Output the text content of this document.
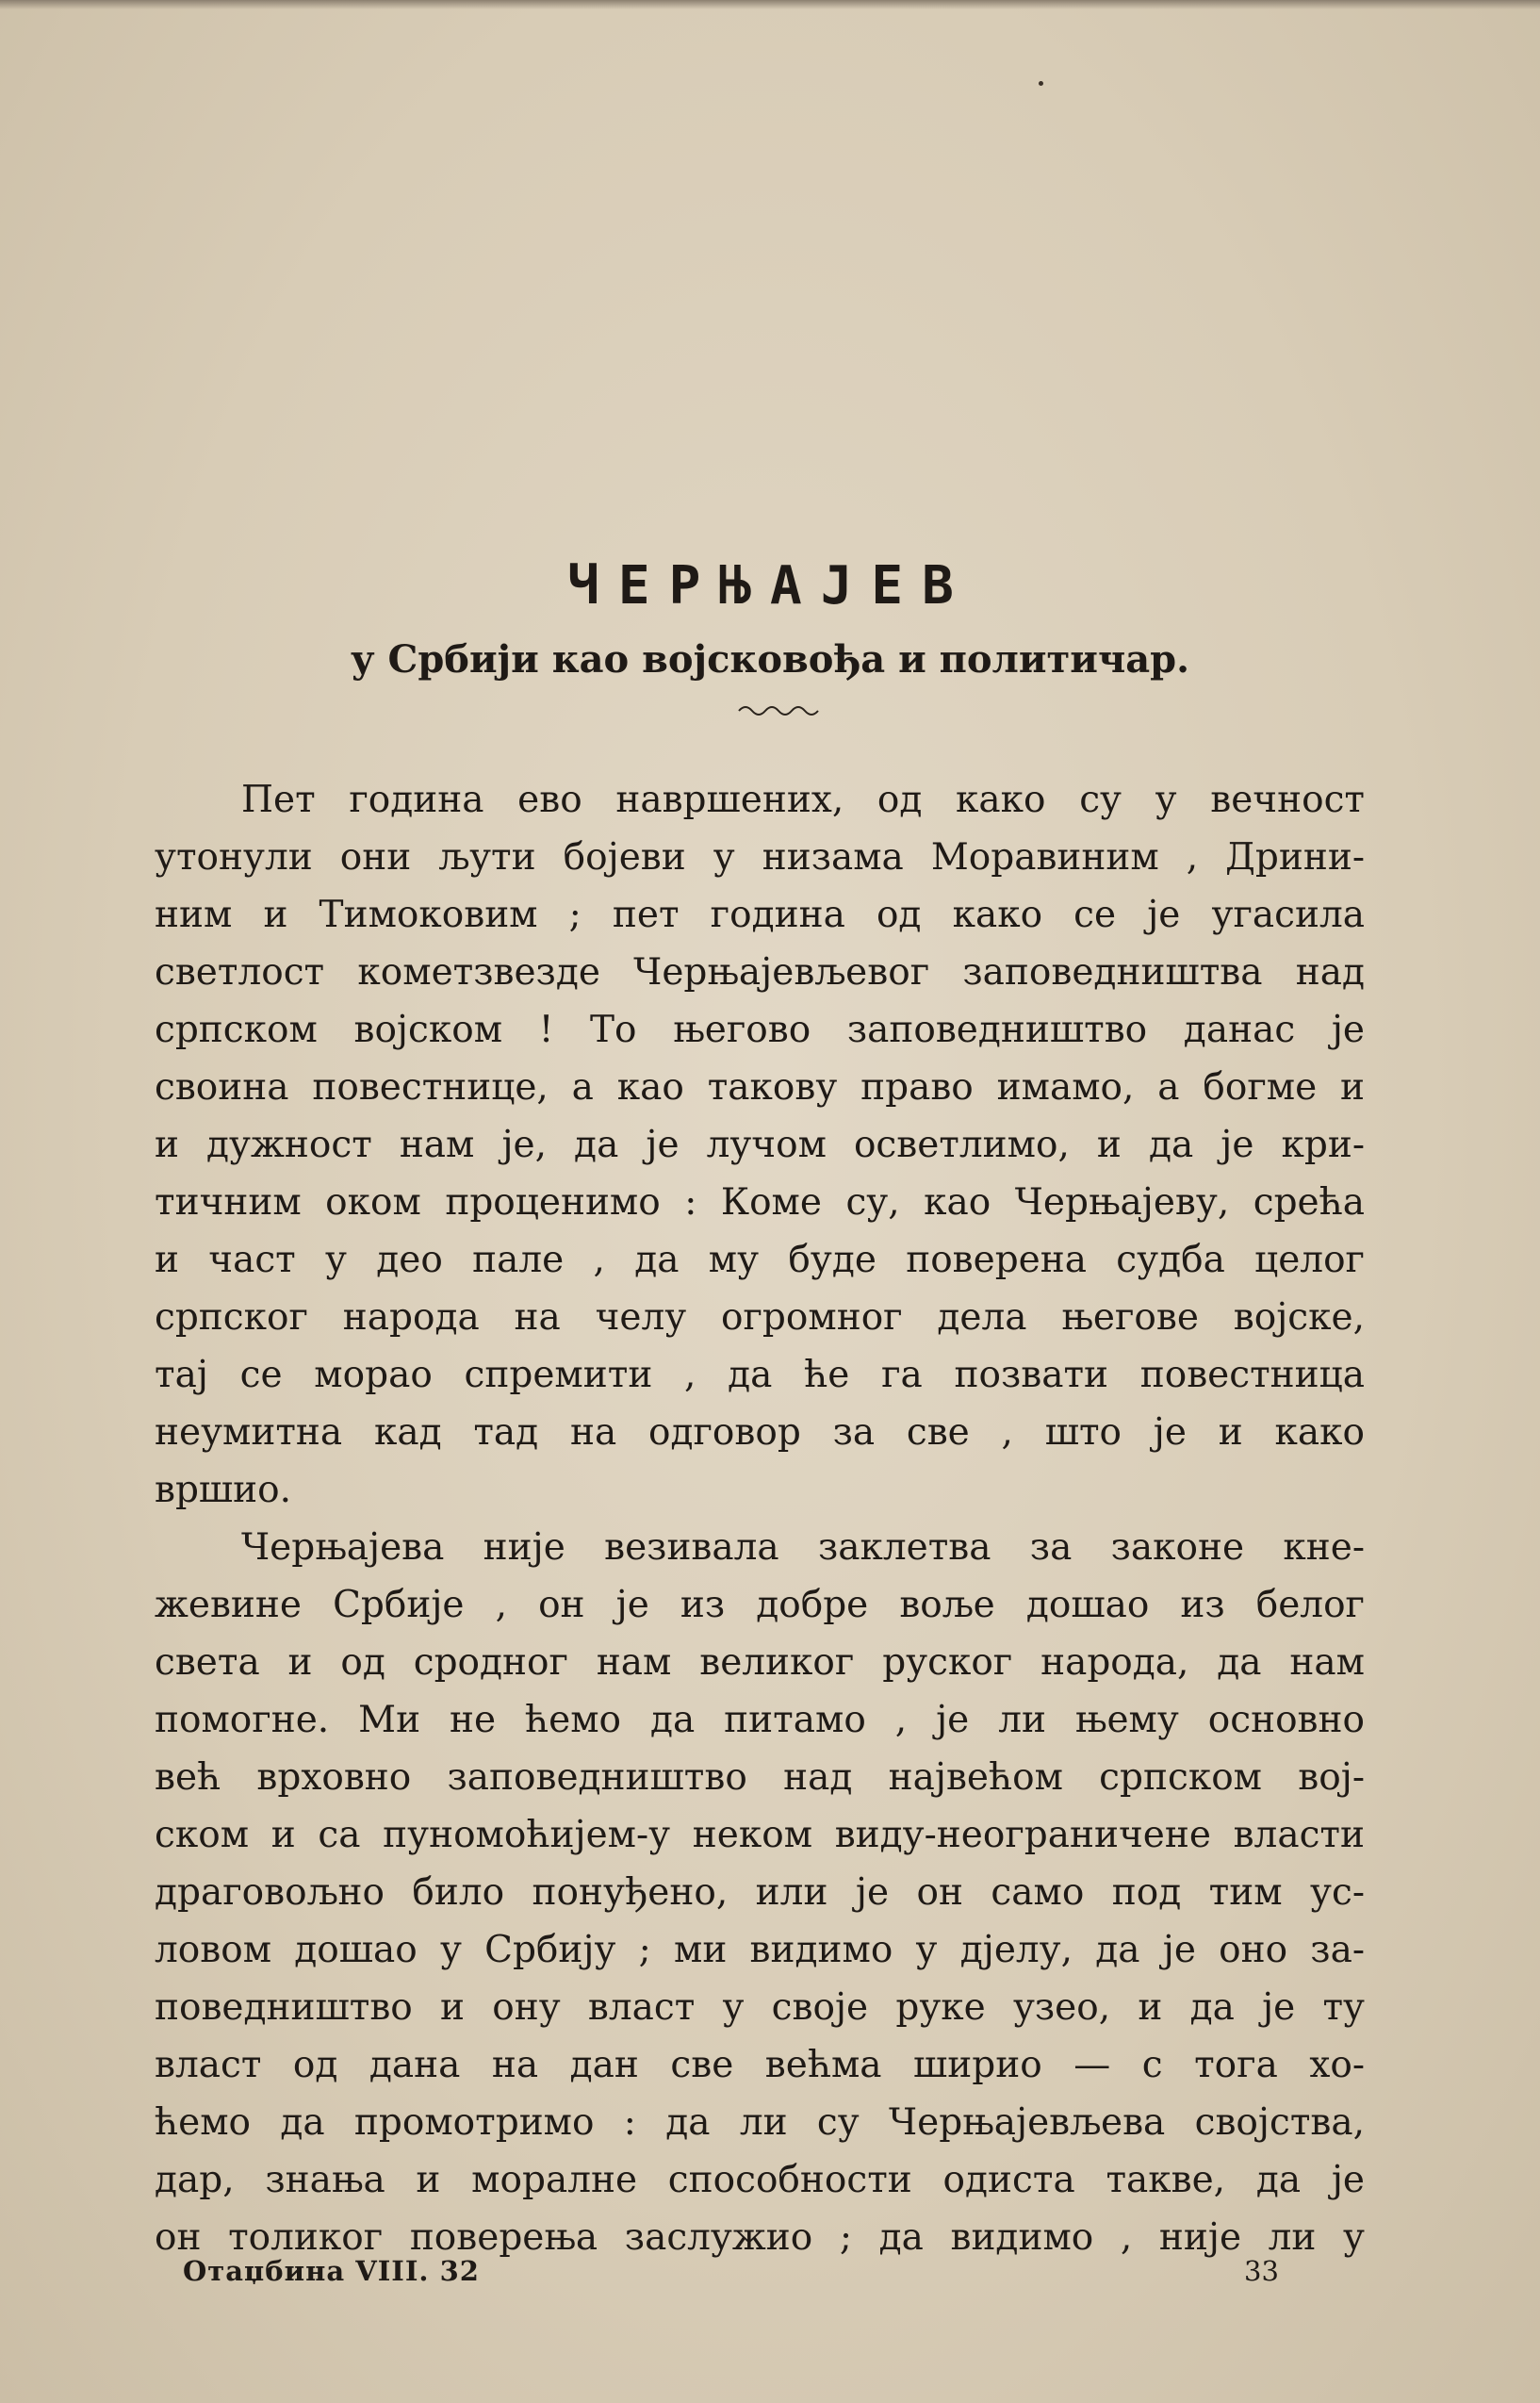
ЧЕРЊАЈЕВ
у Србији као војсковођа и политичар.
Пет година ево навршених, од како су у вечност
утонули они љути бојеви у низама Моравиним , Дрини-
ним и Тимоковим ; пет година од како се је угасила
светлост кометзвезде Черњајевљевог заповедништва над
српском војском ! То његово заповедништво данас је
своина повестнице, а као такову право имамо, а богме и
и дужност нам је, да је лучом осветлимо, и да је кри-
тичним оком проценимо : Коме су, као Черњајеву, срећа
и част у део пале , да му буде поверена судба целог
српског народа на челу огромног дела његове војске,
тај се морао спремити , да ће га позвати повестница
неумитна кад тад на одговор за све , што је и како
вршио.
Черњајева није везивала заклетва за законе кне-
жевине Србије , он је из добре воље дошао из белог
света и од сродног нам великог руског народа, да нам
помогне. Ми не ћемо да питамо , је ли њему основно
већ врховно заповедништво над највећом српском вој-
ском и са пуномоћијем-у неком виду-неограничене власти
драговољно било понуђено, или је он само под тим ус-
ловом дошао у Србију ; ми видимо у дјелу, да је оно за-
поведништво и ону власт у своје руке узео, и да је ту
власт од дана на дан све већма ширио — с тога хо-
ћемо да промотримо : да ли су Черњајевљева својства,
дар, знања и моралне способности одиста такве, да је
он толиког поверења заслужио ; да видимо , није ли у
Отаџбина VIII. 32	33
